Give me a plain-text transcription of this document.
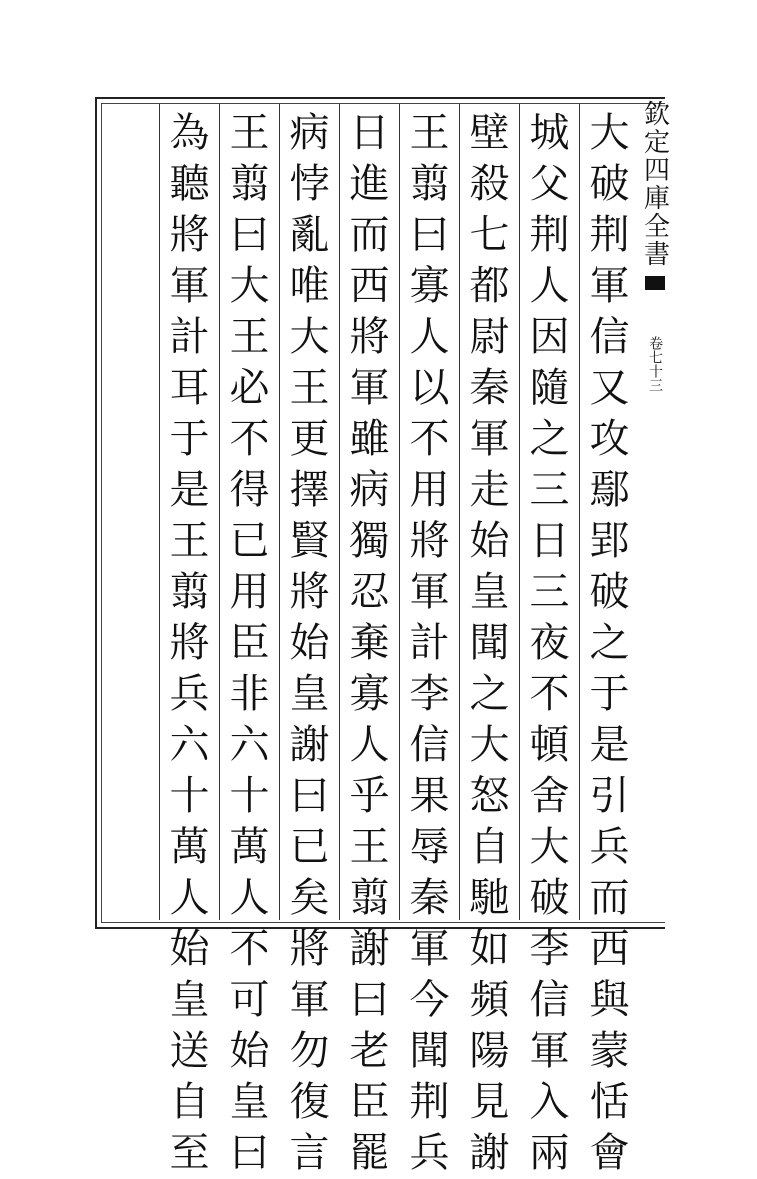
大
破
荆
軍
信
又
攻
鄢
郢
破
之
于
是
引
兵
而
西
與
蒙
恬
會
城
父
荆
人
因
隨
之
三
日
三
夜
不
頓
舍
大
破
李
信
軍
入
兩
壁
殺
七
都
尉
秦
軍
走
始
皇
聞
之
大
怒
自
馳
如
頻
陽
見
謝
王
翦
曰
寡
人
以
不
用
將
軍
計
李
信
果
辱
秦
軍
今
聞
荆
兵
日
進
而
西
將
軍
雖
病
獨
忍
棄
寡
人
乎
王
翦
謝
曰
老
臣
罷
病
悖
亂
唯
大
王
更
擇
賢
將
始
皇
謝
曰
已
矣
將
軍
勿
復
言
王
翦
曰
大
王
必
不
得
已
用
臣
非
六
十
萬
人
不
可
始
皇
曰
為
聽
將
軍
計
耳
于
是
王
翦
將
兵
六
十
萬
人
始
皇
送
自
至
欽定四庫全書
卷七十三
